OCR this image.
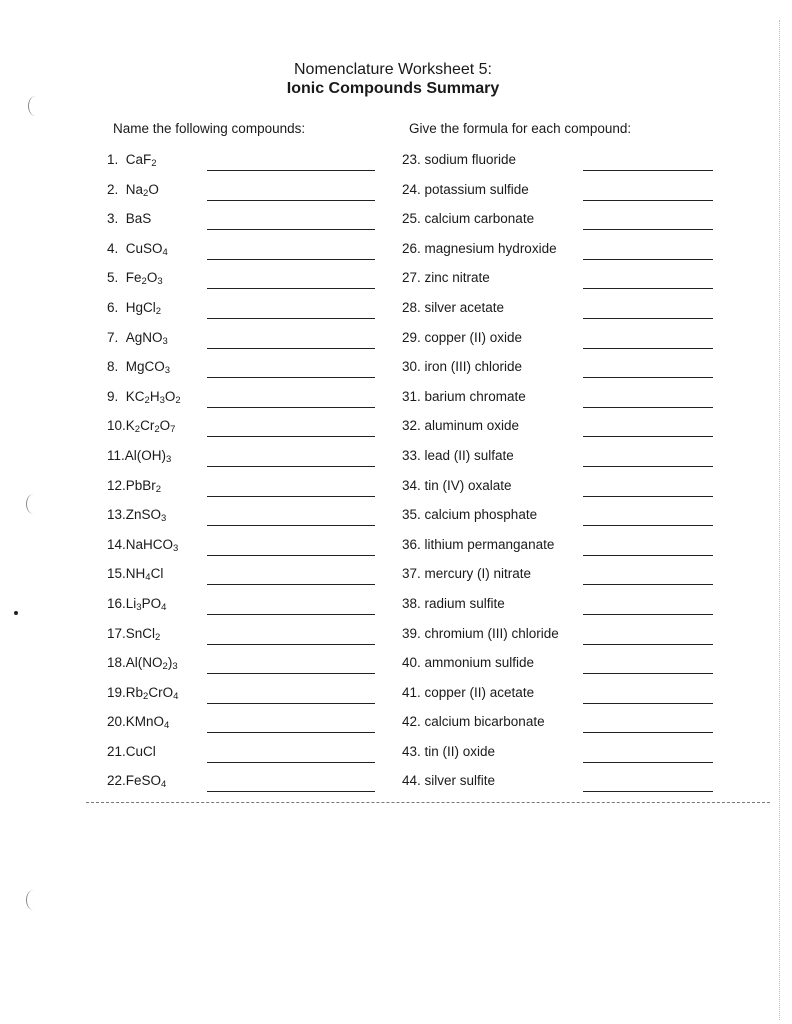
Nomenclature Worksheet 5:
Ionic Compounds Summary
Name the following compounds:	Give the formula for each compound:
1.  CaF$_2$
2.  $Na_2O$
3.  BaS
4.  CuSO$_4$
5.  $Fe_2O_3$
6.  HgCl$_2$
7.  AgNO$_3$
8.  MgCO$_3$
9.  $KC_2H_3O_2$
$10.K_2Cr_2O_7$
$11.Al(OH)_3$
12.PbBr$_2$
13.ZnSO$_3$
14.NaHCO$_3$
$15.NH_4Cl$
$16.Li_3PO_4$
17.SnCl$_2$
$18.Al(NO_2)_3$
$19.Rb_2CrO_4$
20.KMnO$_4$
21.CuCl
22.FeSO$_4$
23. sodium fluoride
24. potassium sulfide
25. calcium carbonate
26. magnesium hydroxide
27. zinc nitrate
28. silver acetate
29. copper (II) oxide
30. iron (III) chloride
31. barium chromate
32. aluminum oxide
33. lead (II) sulfate
34. tin (IV) oxalate
35. calcium phosphate
36. lithium permanganate
37. mercury (I) nitrate
38. radium sulfite
39. chromium (III) chloride
40. ammonium sulfide
41. copper (II) acetate
42. calcium bicarbonate
43. tin (II) oxide
44. silver sulfite
